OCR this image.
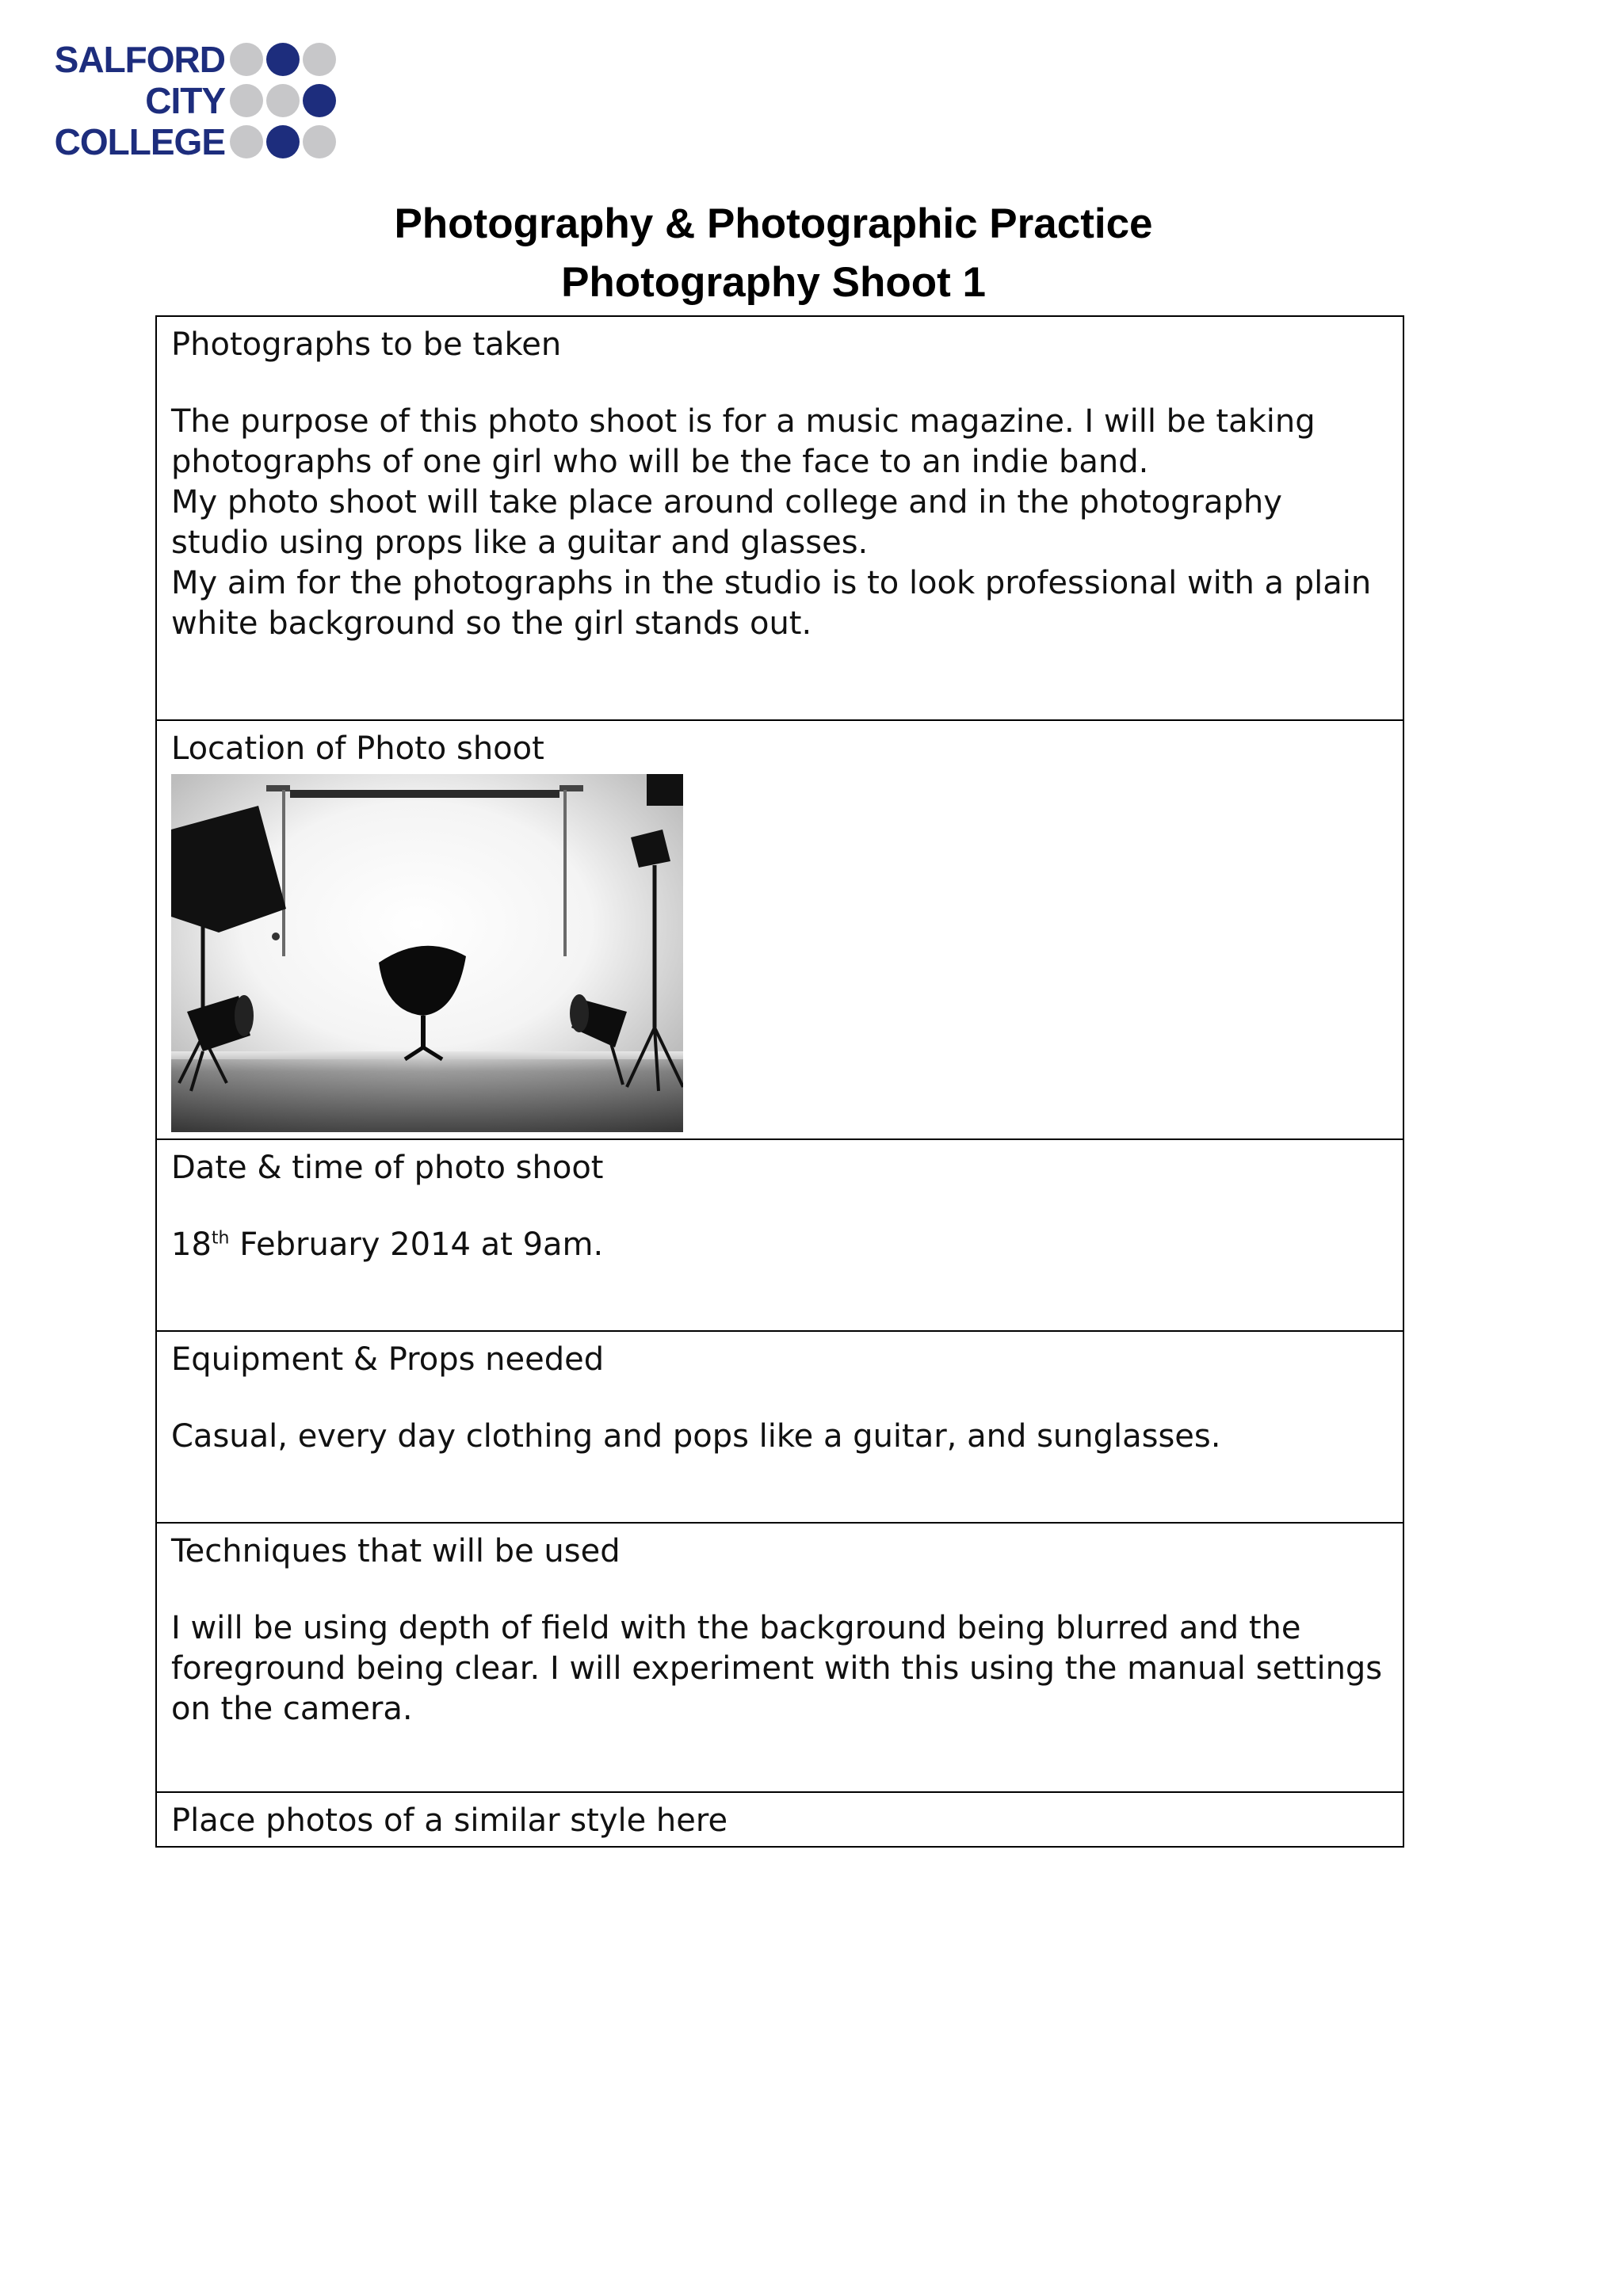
SALFORD
CITY
COLLEGE
Photography & Photographic Practice
Photography Shoot 1
Photographs to be taken
The purpose of this photo shoot is for a music magazine. I will be taking photographs of one girl who will be the face to an indie band.
My photo shoot will take place around college and in the photography studio using props like a guitar and glasses.
My aim for the photographs in the studio is to look professional with a plain white background so the girl stands out.

Location of Photo shoot

Date & time of photo shoot
18th February 2014 at 9am.

Equipment & Props needed
Casual, every day clothing and pops like a guitar, and sunglasses.

Techniques that will be used
I will be using depth of field with the background being blurred and the foreground being clear. I will experiment with this using the manual settings on the camera.

Place photos of a similar style here
